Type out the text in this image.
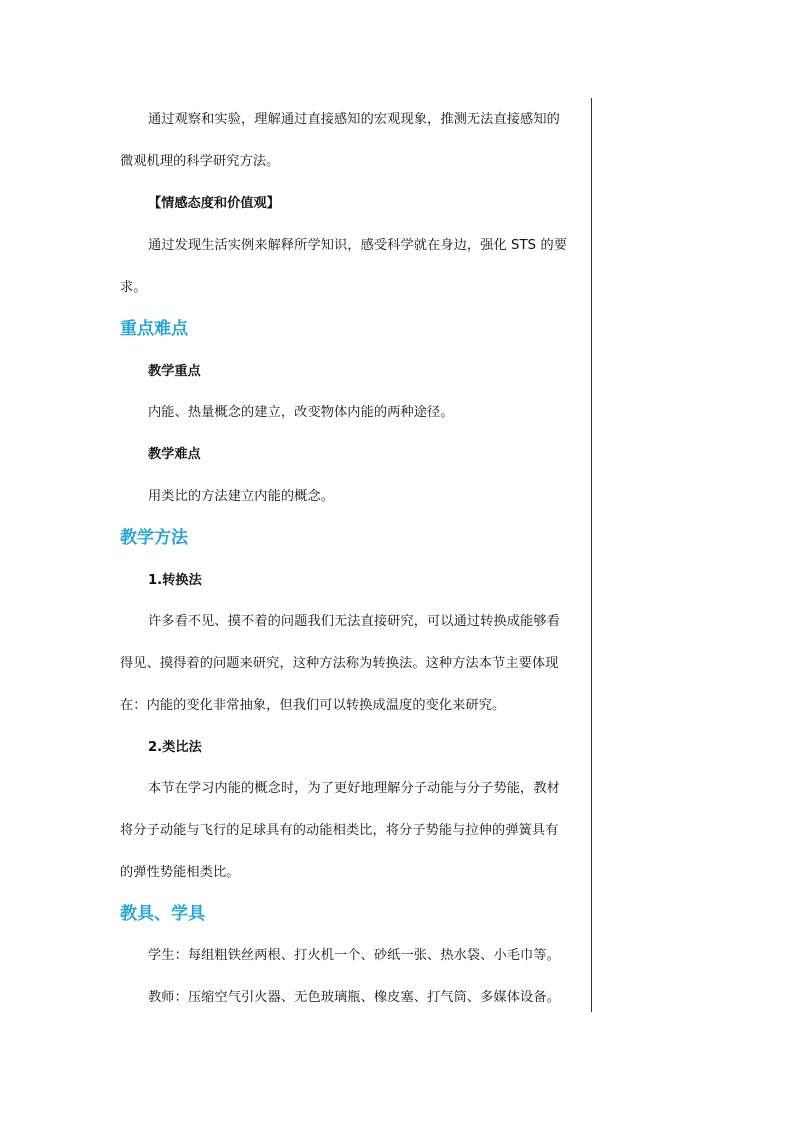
通过观察和实验，理解通过直接感知的宏观现象，推测无法直接感知的

微观机理的科学研究方法。

【情感态度和价值观】

通过发现生活实例来解释所学知识，感受科学就在身边，强化 STS 的要

求。

重点难点

教学重点

内能、热量概念的建立，改变物体内能的两种途径。

教学难点

用类比的方法建立内能的概念。

教学方法

1.转换法

许多看不见、摸不着的问题我们无法直接研究，可以通过转换成能够看

得见、摸得着的问题来研究，这种方法称为转换法。这种方法本节主要体现

在：内能的变化非常抽象，但我们可以转换成温度的变化来研究。

2.类比法

本节在学习内能的概念时，为了更好地理解分子动能与分子势能，教材

将分子动能与飞行的足球具有的动能相类比，将分子势能与拉伸的弹簧具有

的弹性势能相类比。

教具、学具

学生：每组粗铁丝两根、打火机一个、砂纸一张、热水袋、小毛巾等。

教师：压缩空气引火器、无色玻璃瓶、橡皮塞、打气筒、多媒体设备。
